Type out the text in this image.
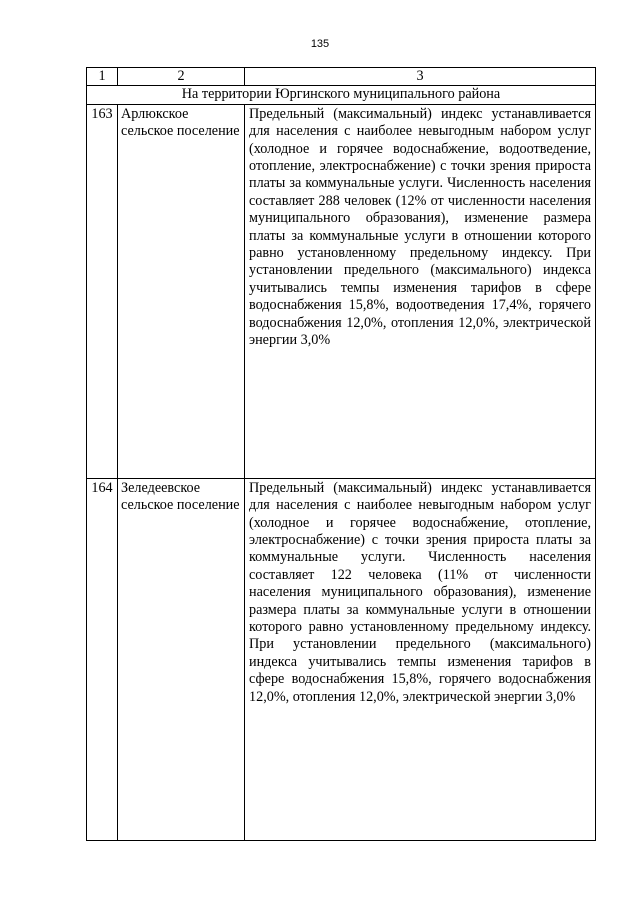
135
1	2	3
На территории Юргинского муниципального района		
163	Арлюкское сельское поселение	Предельный (максимальный) индекс устанавливается для населения с наиболее невыгодным набором услуг (холодное и горячее водоснабжение, водоотведение, отопление, электроснабжение) с точки зрения прироста платы за коммунальные услуги. Численность населения составляет 288 человек (12% от численности населения муниципального образования), изменение размера платы за коммунальные услуги в отношении которого равно установленному предельному индексу. При установлении предельного (максимального) индекса учитывались темпы изменения тарифов в сфере водоснабжения 15,8%, водоотведения 17,4%, горячего водоснабжения 12,0%, отопления 12,0%, электрической энергии 3,0%
164	Зеледеевское сельское поселение	Предельный (максимальный) индекс устанавливается для населения с наиболее невыгодным набором услуг (холодное и горячее водоснабжение, отопление, электроснабжение) с точки зрения прироста платы за коммунальные услуги. Численность населения составляет 122 человека (11% от численности населения муниципального образования), изменение размера платы за коммунальные услуги в отношении которого равно установленному предельному индексу. При установлении предельного (максимального) индекса учитывались темпы изменения тарифов в сфере водоснабжения 15,8%, горячего водоснабжения 12,0%, отопления 12,0%, электрической энергии 3,0%
